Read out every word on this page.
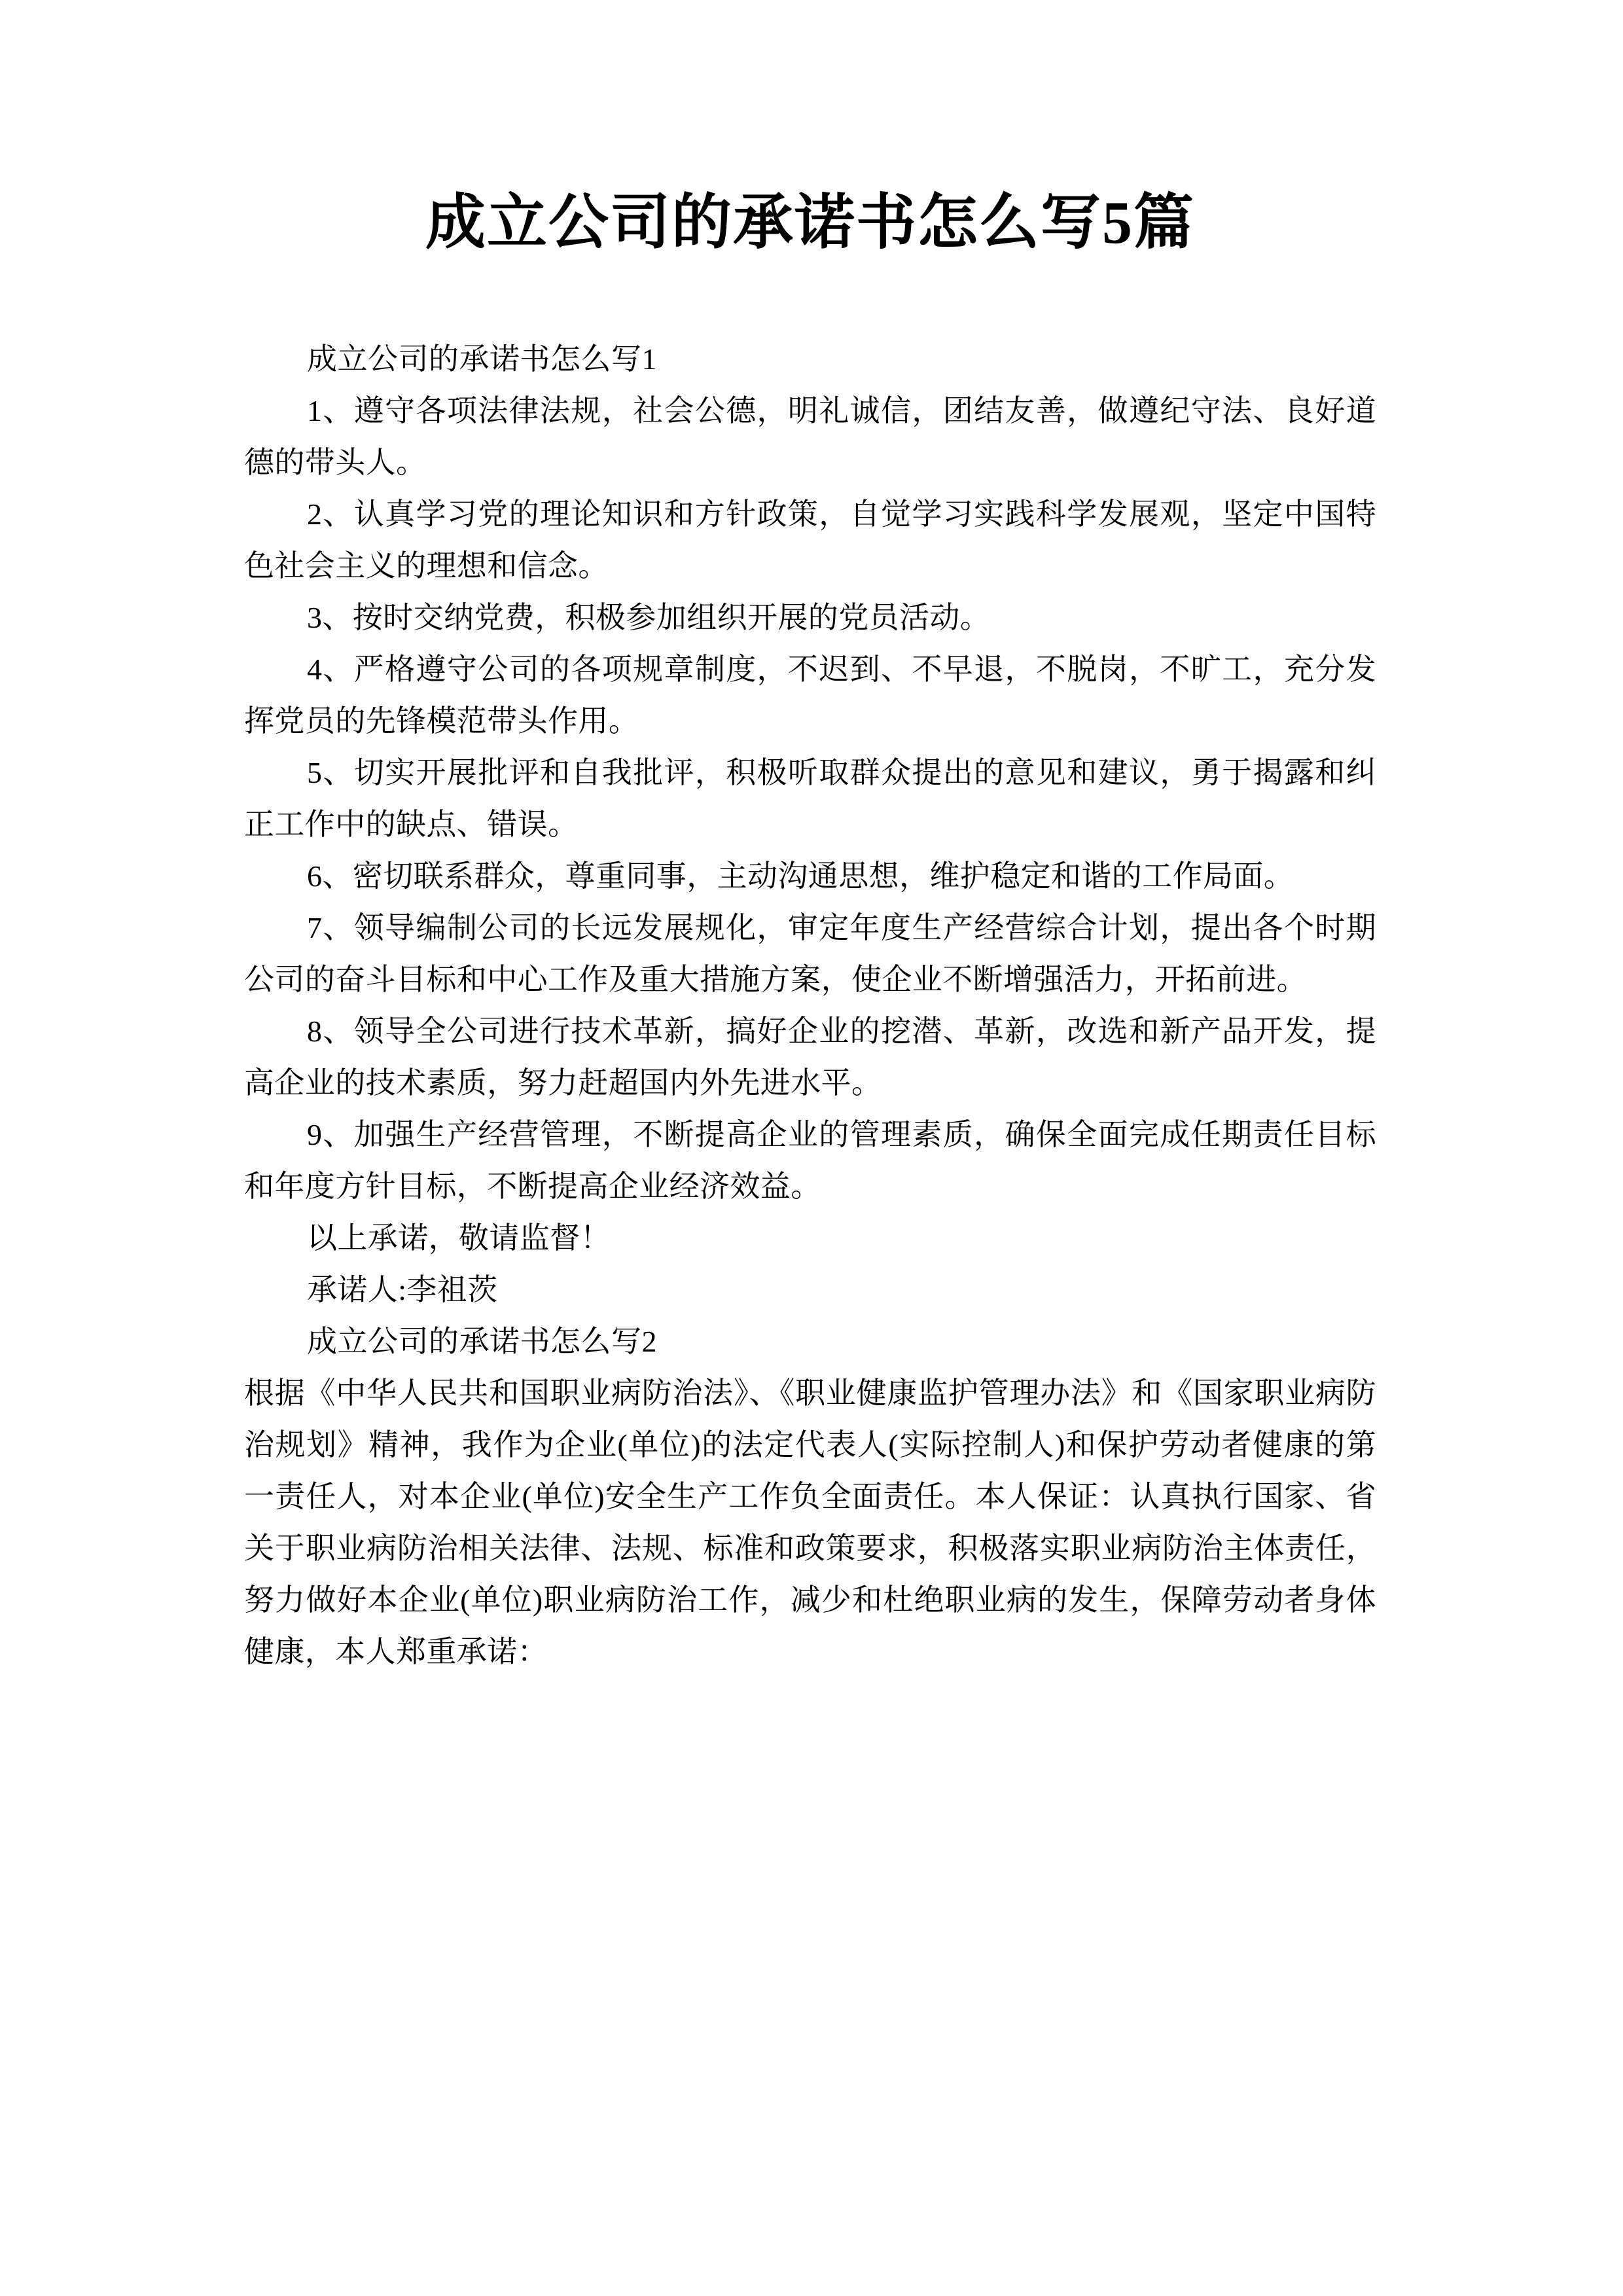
成立公司的承诺书怎么写5篇

成立公司的承诺书怎么写1

1、遵守各项法律法规，社会公德，明礼诚信，团结友善，做遵纪守法、良好道德的带头人。

2、认真学习党的理论知识和方针政策，自觉学习实践科学发展观，坚定中国特色社会主义的理想和信念。

3、按时交纳党费，积极参加组织开展的党员活动。

4、严格遵守公司的各项规章制度，不迟到、不早退，不脱岗，不旷工，充分发挥党员的先锋模范带头作用。

5、切实开展批评和自我批评，积极听取群众提出的意见和建议，勇于揭露和纠正工作中的缺点、错误。

6、密切联系群众，尊重同事，主动沟通思想，维护稳定和谐的工作局面。

7、领导编制公司的长远发展规化，审定年度生产经营综合计划，提出各个时期公司的奋斗目标和中心工作及重大措施方案，使企业不断增强活力，开拓前进。

8、领导全公司进行技术革新，搞好企业的挖潜、革新，改选和新产品开发，提高企业的技术素质，努力赶超国内外先进水平。

9、加强生产经营管理，不断提高企业的管理素质，确保全面完成任期责任目标和年度方针目标，不断提高企业经济效益。

以上承诺，敬请监督！

承诺人:李祖茨

成立公司的承诺书怎么写2

根据《中华人民共和国职业病防治法》、《职业健康监护管理办法》和《国家职业病防治规划》精神，我作为企业(单位)的法定代表人(实际控制人)和保护劳动者健康的第一责任人，对本企业(单位)安全生产工作负全面责任。本人保证：认真执行国家、省关于职业病防治相关法律、法规、标准和政策要求，积极落实职业病防治主体责任，努力做好本企业(单位)职业病防治工作，减少和杜绝职业病的发生，保障劳动者身体健康，本人郑重承诺：
